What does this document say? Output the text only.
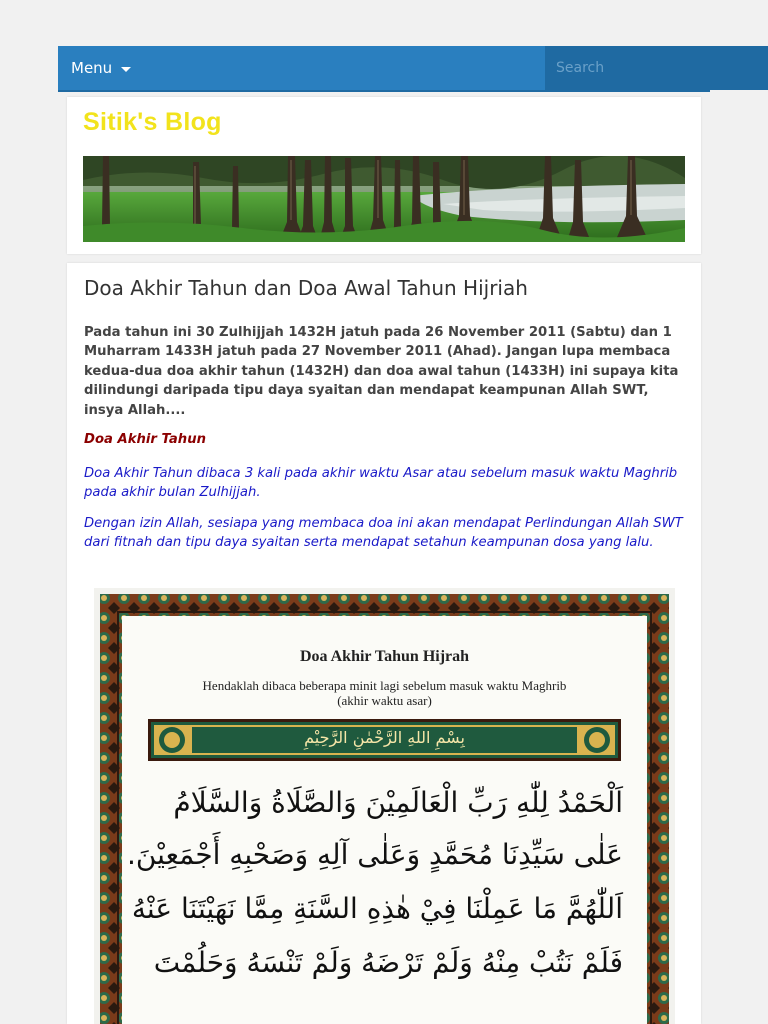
Menu
Search
Sitik's Blog
Doa Akhir Tahun dan Doa Awal Tahun Hijriah

Pada tahun ini 30 Zulhijjah 1432H jatuh pada 26 November 2011 (Sabtu) dan 1 Muharram 1433H jatuh pada 27 November 2011 (Ahad). Jangan lupa membaca kedua-dua doa akhir tahun (1432H) dan doa awal tahun (1433H) ini supaya kita dilindungi daripada tipu daya syaitan dan mendapat keampunan Allah SWT, insya Allah....

Doa Akhir Tahun

Doa Akhir Tahun dibaca 3 kali pada akhir waktu Asar atau sebelum masuk waktu Maghrib pada akhir bulan Zulhijjah.

Dengan izin Allah, sesiapa yang membaca doa ini akan mendapat Perlindungan Allah SWT dari fitnah dan tipu daya syaitan serta mendapat setahun keampunan dosa yang lalu.

Doa Akhir Tahun Hijrah
Hendaklah dibaca beberapa minit lagi sebelum masuk waktu Maghrib
(akhir waktu asar)
بِسْمِ اللهِ الرَّحْمٰنِ الرَّحِيْمِ
اَلْحَمْدُ لِلّٰهِ رَبِّ الْعَالَمِيْنَ وَالصَّلَاةُ وَالسَّلَامُ
عَلٰى سَيِّدِنَا مُحَمَّدٍ وَعَلٰى آلِهِ وَصَحْبِهِ أَجْمَعِيْنَ.
اَللّٰهُمَّ مَا عَمِلْنَا فِيْ هٰذِهِ السَّنَةِ مِمَّا نَهَيْتَنَا عَنْهُ
فَلَمْ نَتُبْ مِنْهُ وَلَمْ تَرْضَهُ وَلَمْ تَنْسَهُ وَحَلُمْتَ
